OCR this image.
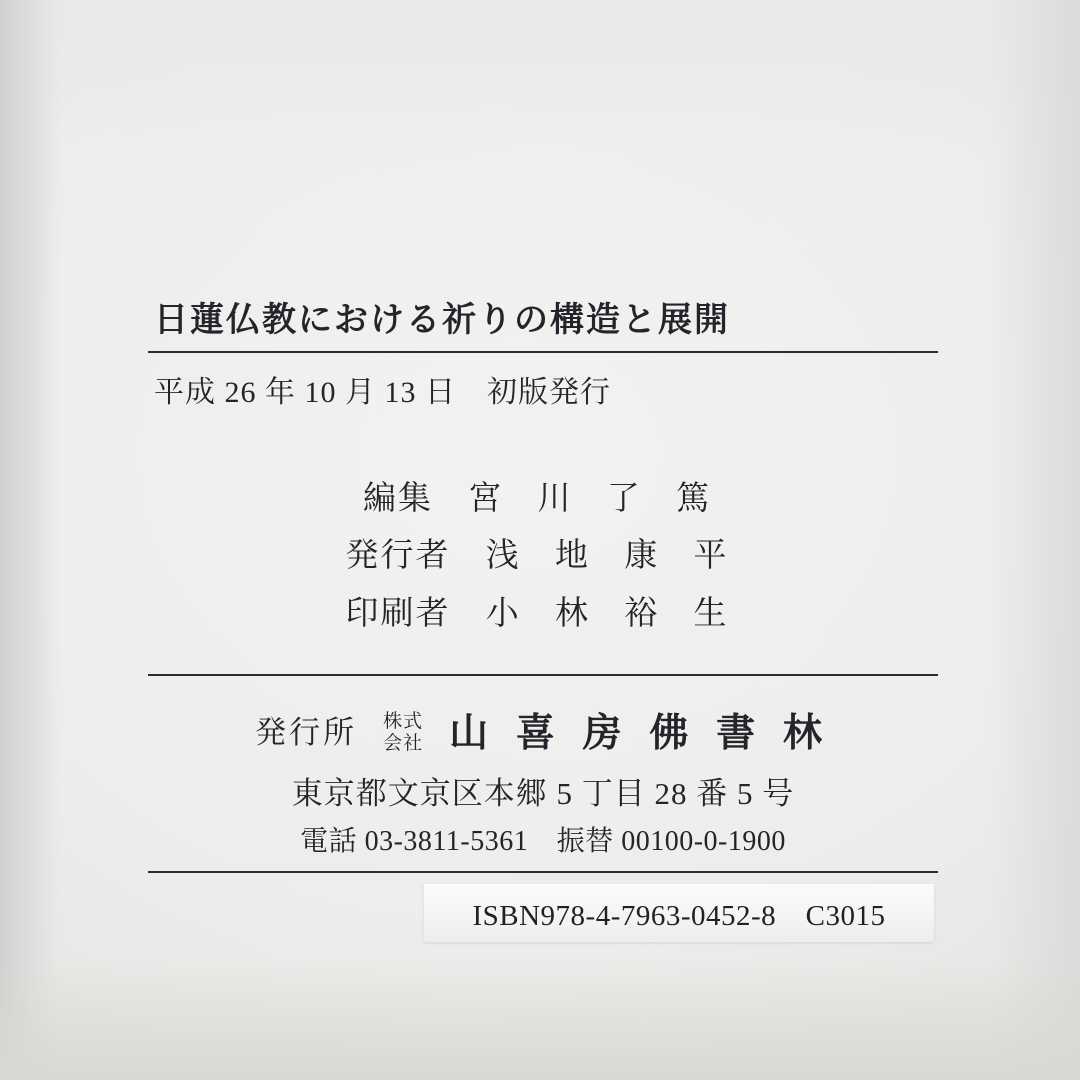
日蓮仏教における祈りの構造と展開
平成 26 年 10 月 13 日　初版発行
編集 宮 川 了 篤
発行者 浅 地 康 平
印刷者 小 林 裕 生
発行所 株式
会社 山 喜 房 佛 書 林
東京都文京区本郷 5 丁目 28 番 5 号
電話 03-3811-5361　振替 00100-0-1900
ISBN978-4-7963-0452-8　C3015
